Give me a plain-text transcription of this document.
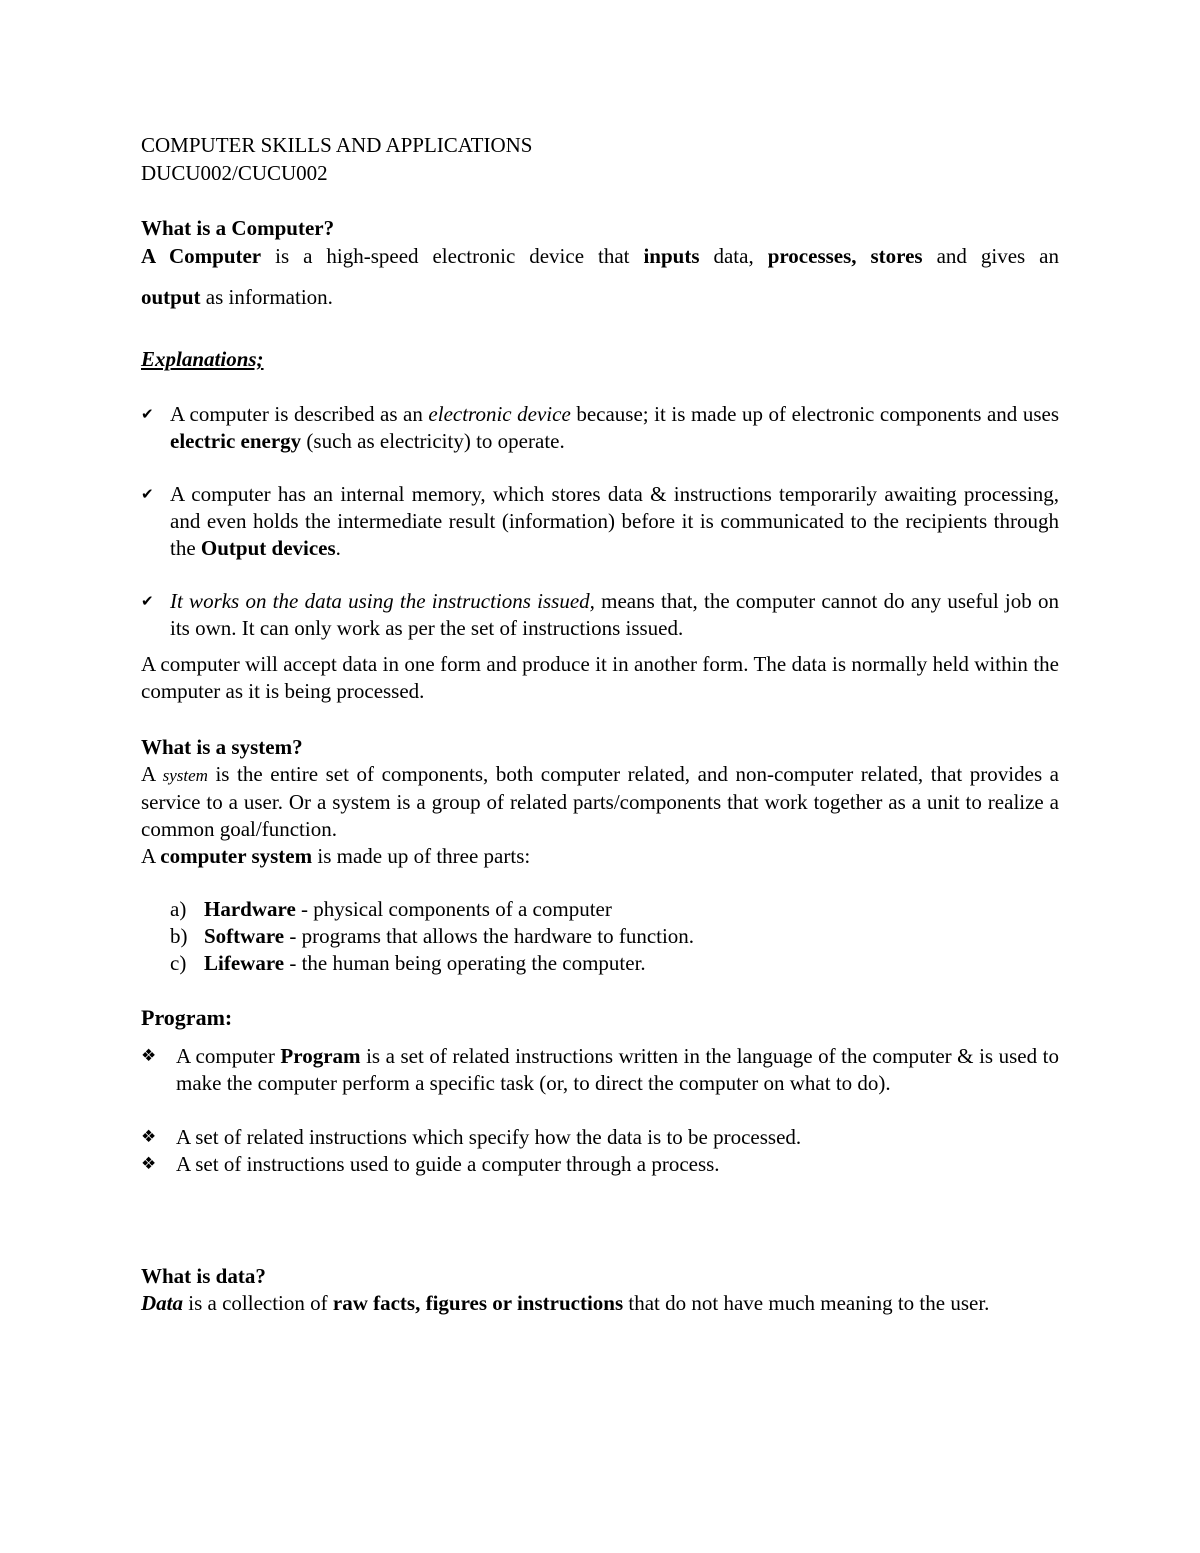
COMPUTER SKILLS AND APPLICATIONS
DUCU002/CUCU002
What is a Computer?
A Computer is a high-speed electronic device that inputs data, processes, stores and gives an
output as information.
Explanations;
✔ A computer is described as an electronic device because; it is made up of electronic components and uses electric energy (such as electricity) to operate.
✔ A computer has an internal memory, which stores data & instructions temporarily awaiting processing, and even holds the intermediate result (information) before it is communicated to the recipients through the Output devices.
✔ It works on the data using the instructions issued, means that, the computer cannot do any useful job on its own. It can only work as per the set of instructions issued.
A computer will accept data in one form and produce it in another form. The data is normally held within the computer as it is being processed.
What is a system?
A system is the entire set of components, both computer related, and non-computer related, that provides a service to a user. Or a system is a group of related parts/components that work together as a unit to realize a common goal/function.
A computer system is made up of three parts:
a) Hardware - physical components of a computer
b) Software - programs that allows the hardware to function.
c) Lifeware - the human being operating the computer.
Program:
❖ A computer Program is a set of related instructions written in the language of the computer & is used to make the computer perform a specific task (or, to direct the computer on what to do).
❖ A set of related instructions which specify how the data is to be processed.
❖ A set of instructions used to guide a computer through a process.
What is data?
Data is a collection of raw facts, figures or instructions that do not have much meaning to the user.
